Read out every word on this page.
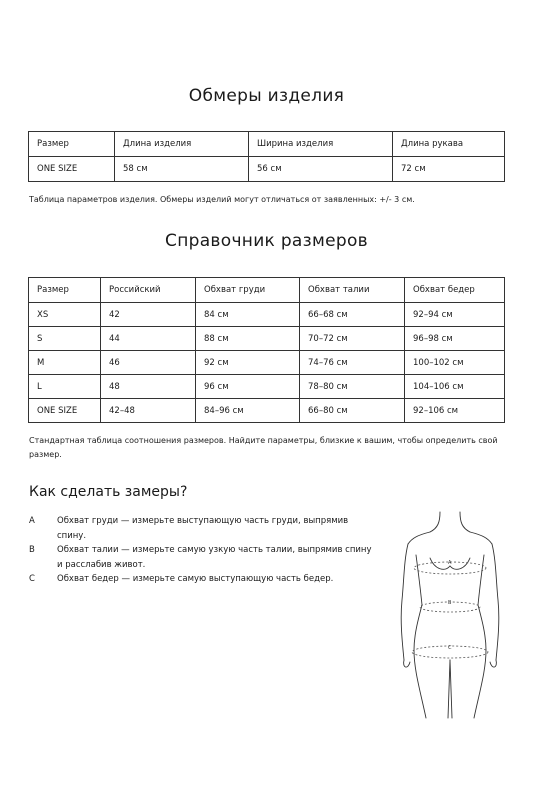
Обмеры изделия
Размер	Длина изделия	Ширина изделия	Длина рукава
ONE SIZE	58 см	56 см	72 см
Таблица параметров изделия. Обмеры изделий могут отличаться от заявленных: +/- 3 см.
Справочник размеров
Размер	Российский	Обхват груди	Обхват талии	Обхват бедер
XS	42	84 см	66–68 см	92–94 см
S	44	88 см	70–72 см	96–98 см
M	46	92 см	74–76 см	100–102 см
L	48	96 см	78–80 см	104–106 см
ONE SIZE	42–48	84–96 см	66–80 см	92–106 см
Стандартная таблица соотношения размеров. Найдите параметры, близкие к вашим, чтобы определить свой размер.
Как сделать замеры?
A	Обхват груди — измерьте выступающую часть груди, выпрямив спину.
B	Обхват талии — измерьте самую узкую часть талии, выпрямив спину и расслабив живот.
C	Обхват бедер — измерьте самую выступающую часть бедер.
A
B
C
